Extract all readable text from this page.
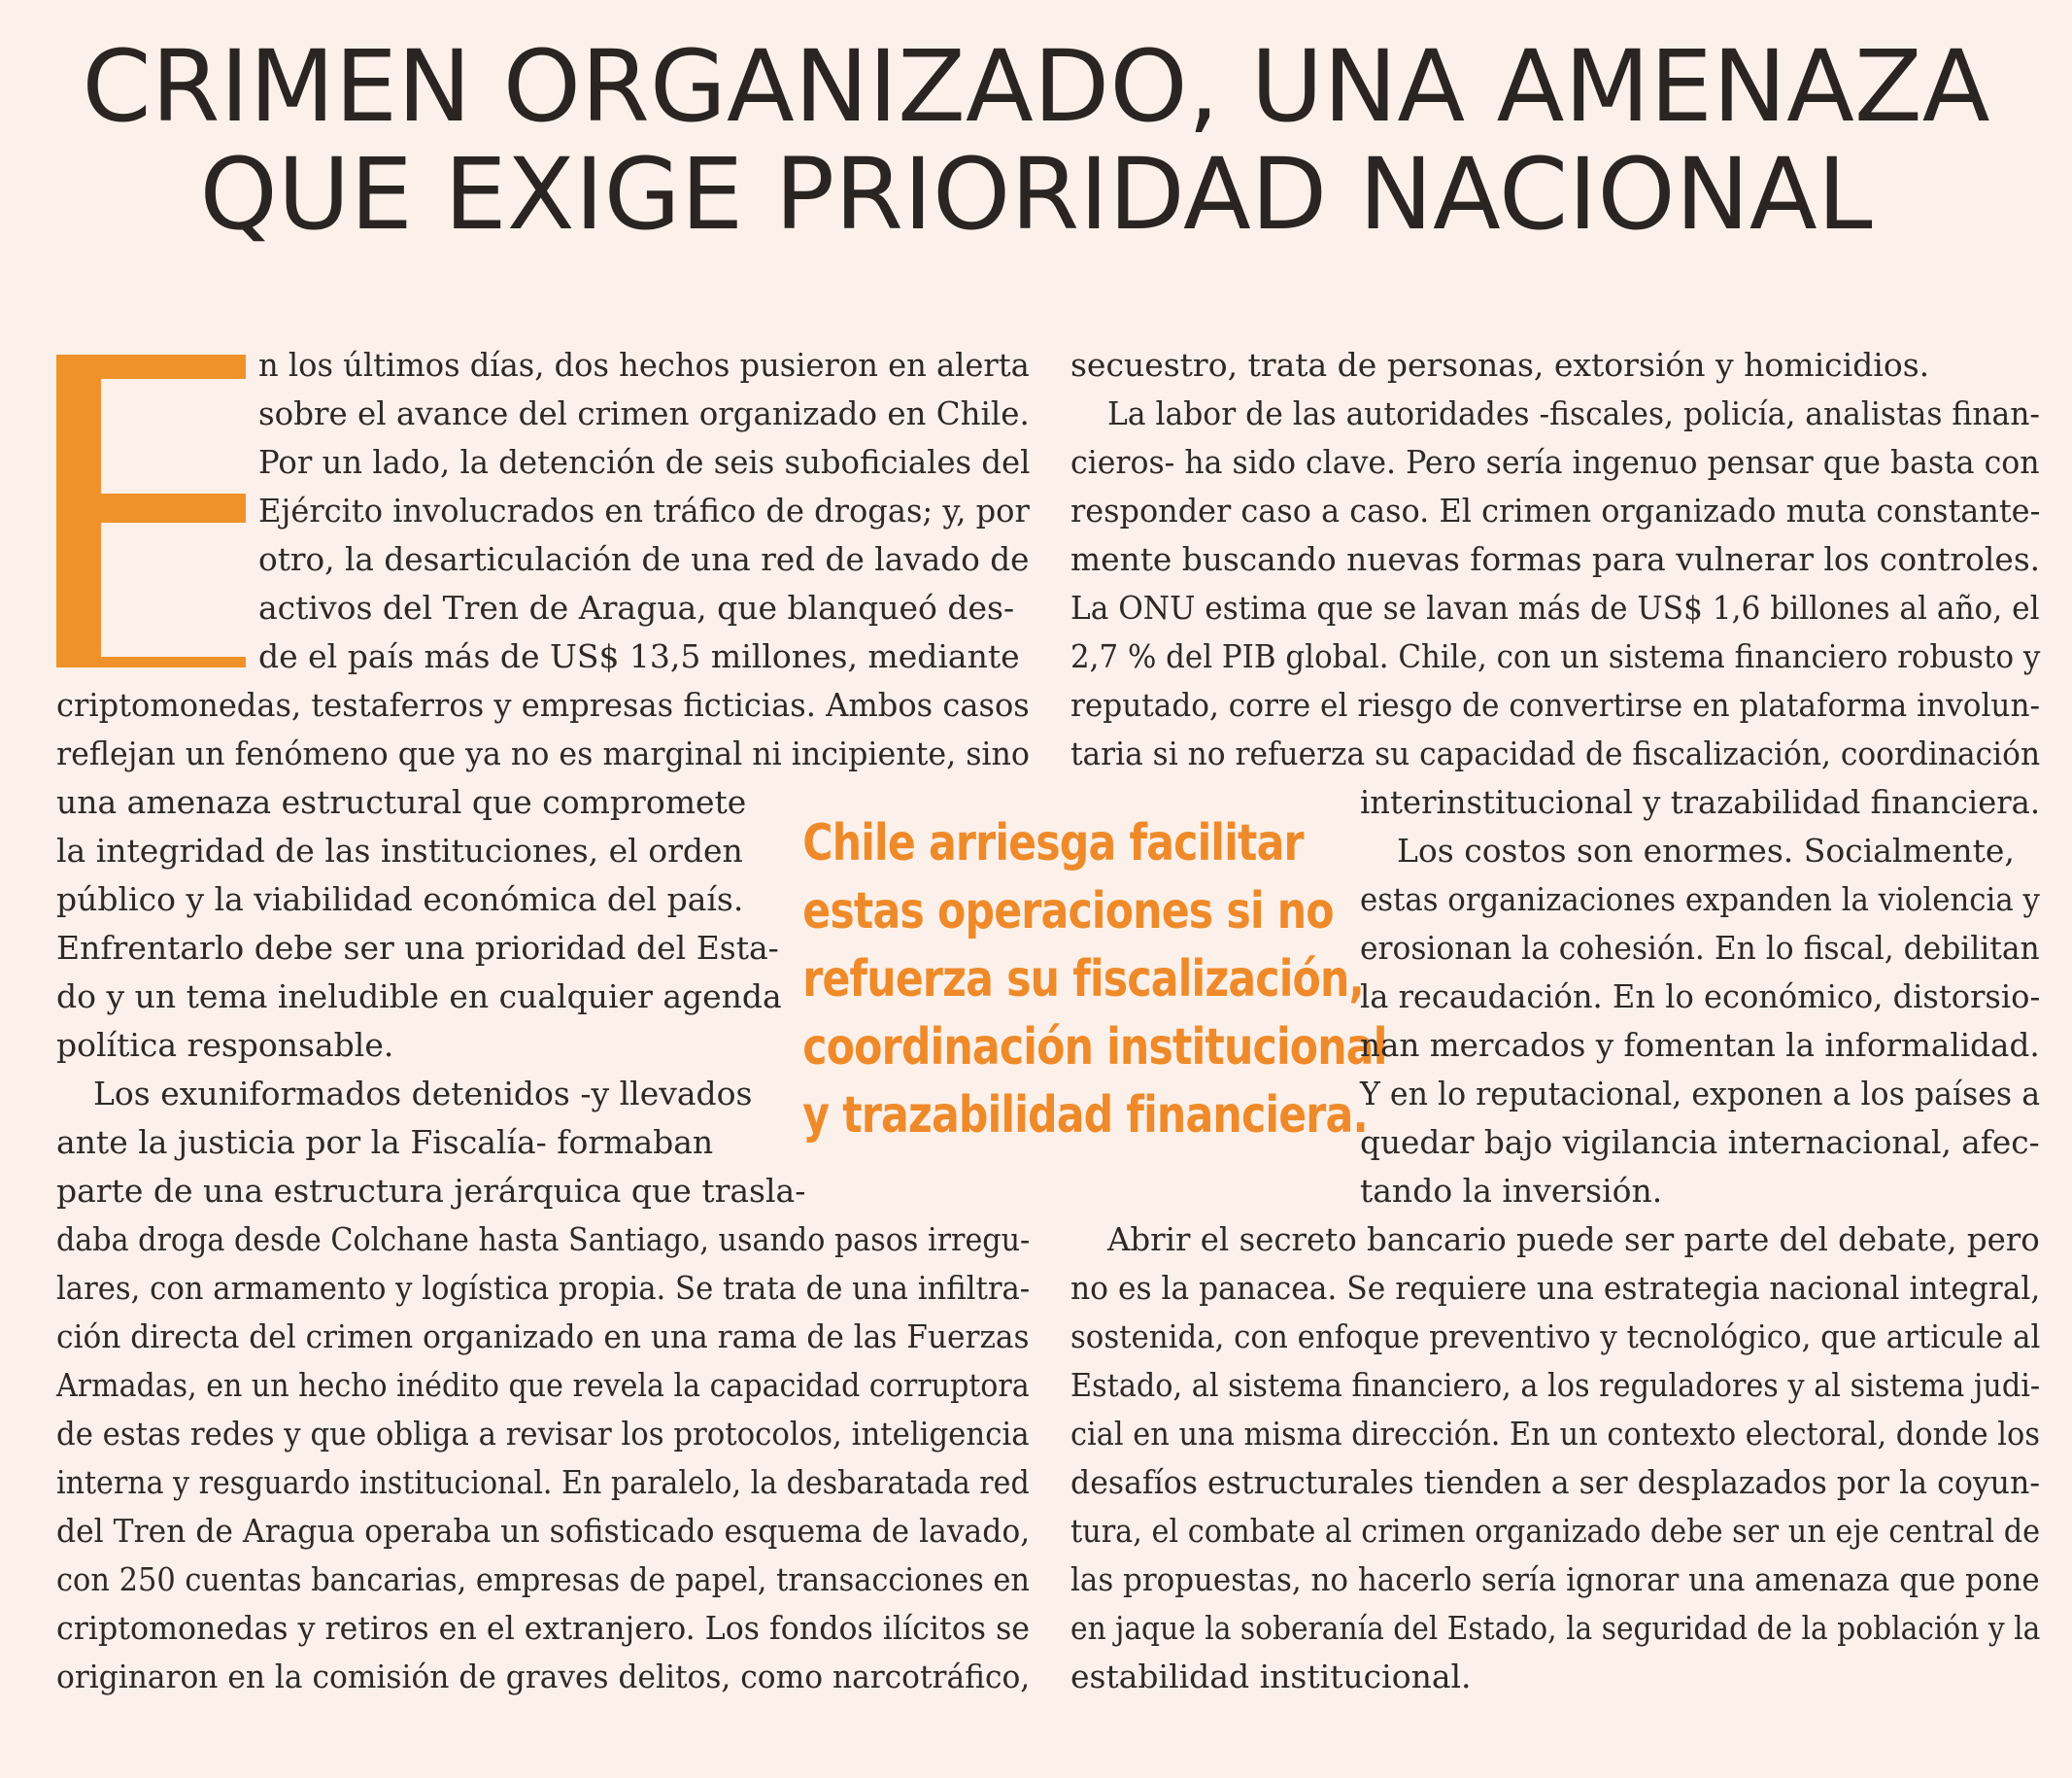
CRIMEN ORGANIZADO, UNA AMENAZA
QUE EXIGE PRIORIDAD NACIONAL

n los últimos días, dos hechos pusieron en alerta

sobre el avance del crimen organizado en Chile.

Por un lado, la detención de seis suboficiales del

Ejército involucrados en tráfico de drogas; y, por

otro, la desarticulación de una red de lavado de

activos del Tren de Aragua, que blanqueó des-

de el país más de US$ 13,5 millones, mediante

criptomonedas, testaferros y empresas ficticias. Ambos casos

reflejan un fenómeno que ya no es marginal ni incipiente, sino

una amenaza estructural que compromete

la integridad de las instituciones, el orden

público y la viabilidad económica del país.

Enfrentarlo debe ser una prioridad del Esta-

do y un tema ineludible en cualquier agenda

política responsable.

Los exuniformados detenidos -y llevados

ante la justicia por la Fiscalía- formaban

parte de una estructura jerárquica que trasla-

daba droga desde Colchane hasta Santiago, usando pasos irregu-

lares, con armamento y logística propia. Se trata de una infiltra-

ción directa del crimen organizado en una rama de las Fuerzas

Armadas, en un hecho inédito que revela la capacidad corruptora

de estas redes y que obliga a revisar los protocolos, inteligencia

interna y resguardo institucional. En paralelo, la desbaratada red

del Tren de Aragua operaba un sofisticado esquema de lavado,

con 250 cuentas bancarias, empresas de papel, transacciones en

criptomonedas y retiros en el extranjero. Los fondos ilícitos se

originaron en la comisión de graves delitos, como narcotráfico,

Chile arriesga facilitar
estas operaciones si no
refuerza su fiscalización,
coordinación institucional
y trazabilidad financiera.

secuestro, trata de personas, extorsión y homicidios.

La labor de las autoridades -fiscales, policía, analistas finan-

cieros- ha sido clave. Pero sería ingenuo pensar que basta con

responder caso a caso. El crimen organizado muta constante-

mente buscando nuevas formas para vulnerar los controles.

La ONU estima que se lavan más de US$ 1,6 billones al año, el

2,7 % del PIB global. Chile, con un sistema financiero robusto y

reputado, corre el riesgo de convertirse en plataforma involun-

taria si no refuerza su capacidad de fiscalización, coordinación

interinstitucional y trazabilidad financiera.

Los costos son enormes. Socialmente,

estas organizaciones expanden la violencia y

erosionan la cohesión. En lo fiscal, debilitan

la recaudación. En lo económico, distorsio-

nan mercados y fomentan la informalidad.

Y en lo reputacional, exponen a los países a

quedar bajo vigilancia internacional, afec-

tando la inversión.

Abrir el secreto bancario puede ser parte del debate, pero

no es la panacea. Se requiere una estrategia nacional integral,

sostenida, con enfoque preventivo y tecnológico, que articule al

Estado, al sistema financiero, a los reguladores y al sistema judi-

cial en una misma dirección. En un contexto electoral, donde los

desafíos estructurales tienden a ser desplazados por la coyun-

tura, el combate al crimen organizado debe ser un eje central de

las propuestas, no hacerlo sería ignorar una amenaza que pone

en jaque la soberanía del Estado, la seguridad de la población y la

estabilidad institucional.
